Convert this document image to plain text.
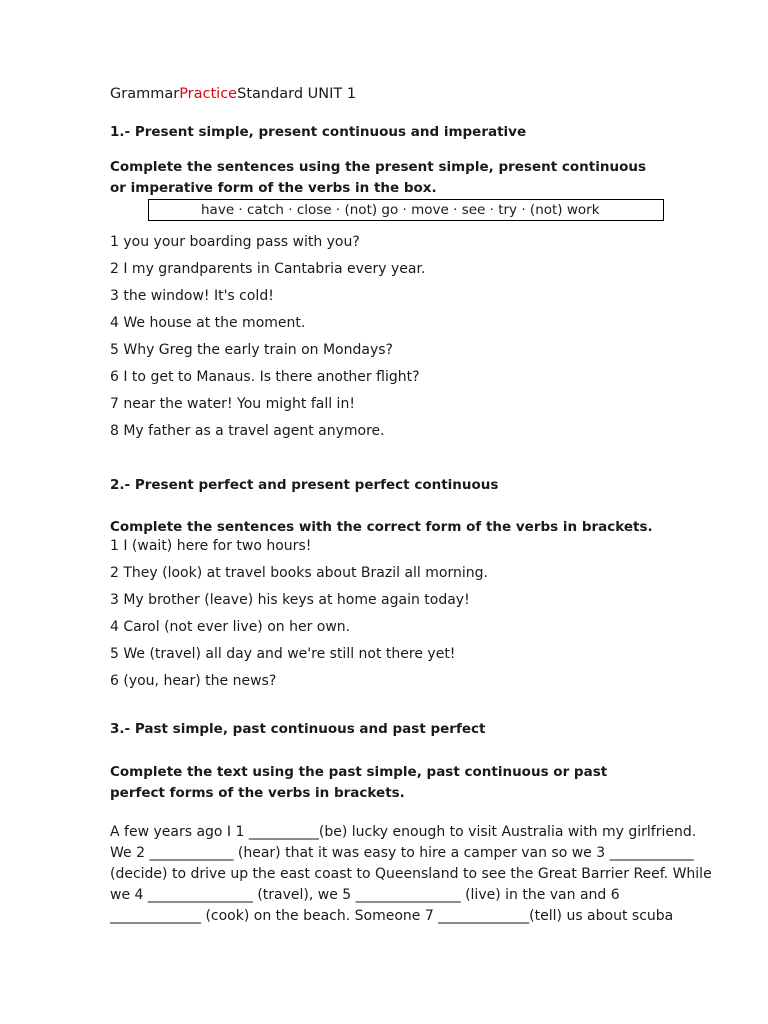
GrammarPracticeStandard UNIT 1
1.- Present simple, present continuous and imperative
Complete the sentences using the present simple, present continuous or imperative form of the verbs in the box.
have · catch · close · (not) go · move · see · try · (not) work
1 you your boarding pass with you?
2 I my grandparents in Cantabria every year.
3 the window! It's cold!
4 We house at the moment.
5 Why Greg the early train on Mondays?
6 I to get to Manaus. Is there another flight?
7 near the water! You might fall in!
8 My father as a travel agent anymore.
2.- Present perfect and present perfect continuous
Complete the sentences with the correct form of the verbs in brackets.
1 I (wait) here for two hours!
2 They (look) at travel books about Brazil all morning.
3 My brother (leave) his keys at home again today!
4 Carol (not ever live) on her own.
5 We (travel) all day and we're still not there yet!
6 (you, hear) the news?
3.- Past simple, past continuous and past perfect
Complete the text using the past simple, past continuous or past perfect forms of the verbs in brackets.
A few years ago I 1 __________(be) lucky enough to visit Australia with my girlfriend.
We 2 ____________ (hear) that it was easy to hire a camper van so we 3 ____________
(decide) to drive up the east coast to Queensland to see the Great Barrier Reef. While
we 4 _______________ (travel), we 5 _______________ (live) in the van and 6
_____________ (cook) on the beach. Someone 7 _____________(tell) us about scuba
